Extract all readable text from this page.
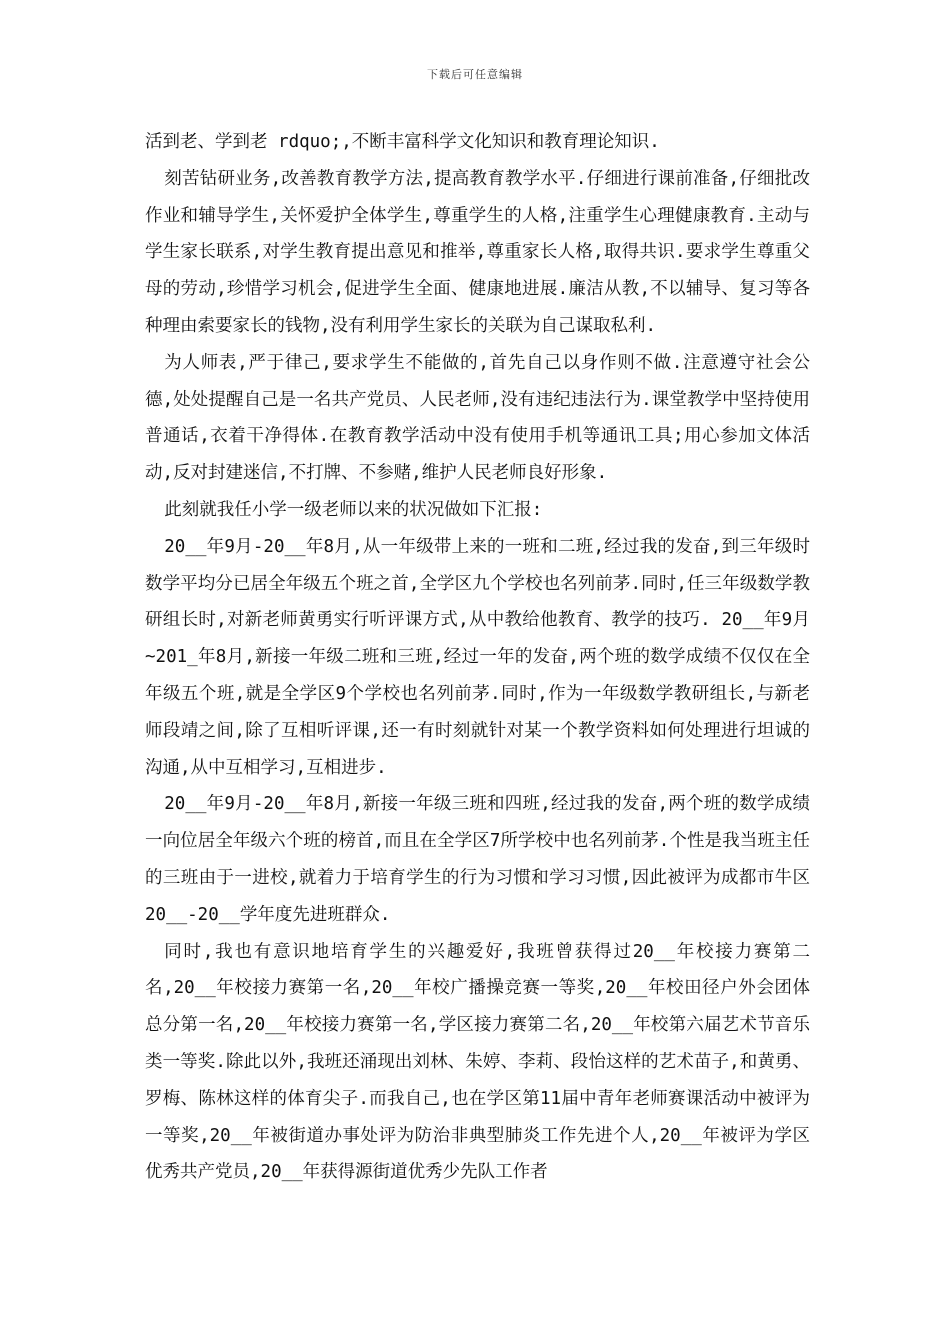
下载后可任意编辑

活到老、学到老 rdquo;,不断丰富科学文化知识和教育理论知识.

刻苦钻研业务,改善教育教学方法,提高教育教学水平.仔细进行课前准备,仔细批改作业和辅导学生,关怀爱护全体学生,尊重学生的人格,注重学生心理健康教育.主动与学生家长联系,对学生教育提出意见和推举,尊重家长人格,取得共识.要求学生尊重父母的劳动,珍惜学习机会,促进学生全面、健康地进展.廉洁从教,不以辅导、复习等各种理由索要家长的钱物,没有利用学生家长的关联为自己谋取私利.

为人师表,严于律己,要求学生不能做的,首先自己以身作则不做.注意遵守社会公德,处处提醒自己是一名共产党员、人民老师,没有违纪违法行为.课堂教学中坚持使用普通话,衣着干净得体.在教育教学活动中没有使用手机等通讯工具;用心参加文体活动,反对封建迷信,不打牌、不参赌,维护人民老师良好形象.

此刻就我任小学一级老师以来的状况做如下汇报:

20__年9月-20__年8月,从一年级带上来的一班和二班,经过我的发奋,到三年级时数学平均分已居全年级五个班之首,全学区九个学校也名列前茅.同时,任三年级数学教研组长时,对新老师黄勇实行听评课方式,从中教给他教育、教学的技巧. 20__年9月~201_年8月,新接一年级二班和三班,经过一年的发奋,两个班的数学成绩不仅仅在全年级五个班,就是全学区9个学校也名列前茅.同时,作为一年级数学教研组长,与新老师段靖之间,除了互相听评课,还一有时刻就针对某一个教学资料如何处理进行坦诚的沟通,从中互相学习,互相进步.

20__年9月-20__年8月,新接一年级三班和四班,经过我的发奋,两个班的数学成绩一向位居全年级六个班的榜首,而且在全学区7所学校中也名列前茅.个性是我当班主任的三班由于一进校,就着力于培育学生的行为习惯和学习习惯,因此被评为成都市牛区20__-20__学年度先进班群众.

同时,我也有意识地培育学生的兴趣爱好,我班曾获得过20__年校接力赛第二名,20__年校接力赛第一名,20__年校广播操竞赛一等奖,20__年校田径户外会团体总分第一名,20__年校接力赛第一名,学区接力赛第二名,20__年校第六届艺术节音乐类一等奖.除此以外,我班还涌现出刘林、朱婷、李莉、段怡这样的艺术苗子,和黄勇、罗梅、陈林这样的体育尖子.而我自己,也在学区第11届中青年老师赛课活动中被评为一等奖,20__年被街道办事处评为防治非典型肺炎工作先进个人,20__年被评为学区优秀共产党员,20__年获得源街道优秀少先队工作者
